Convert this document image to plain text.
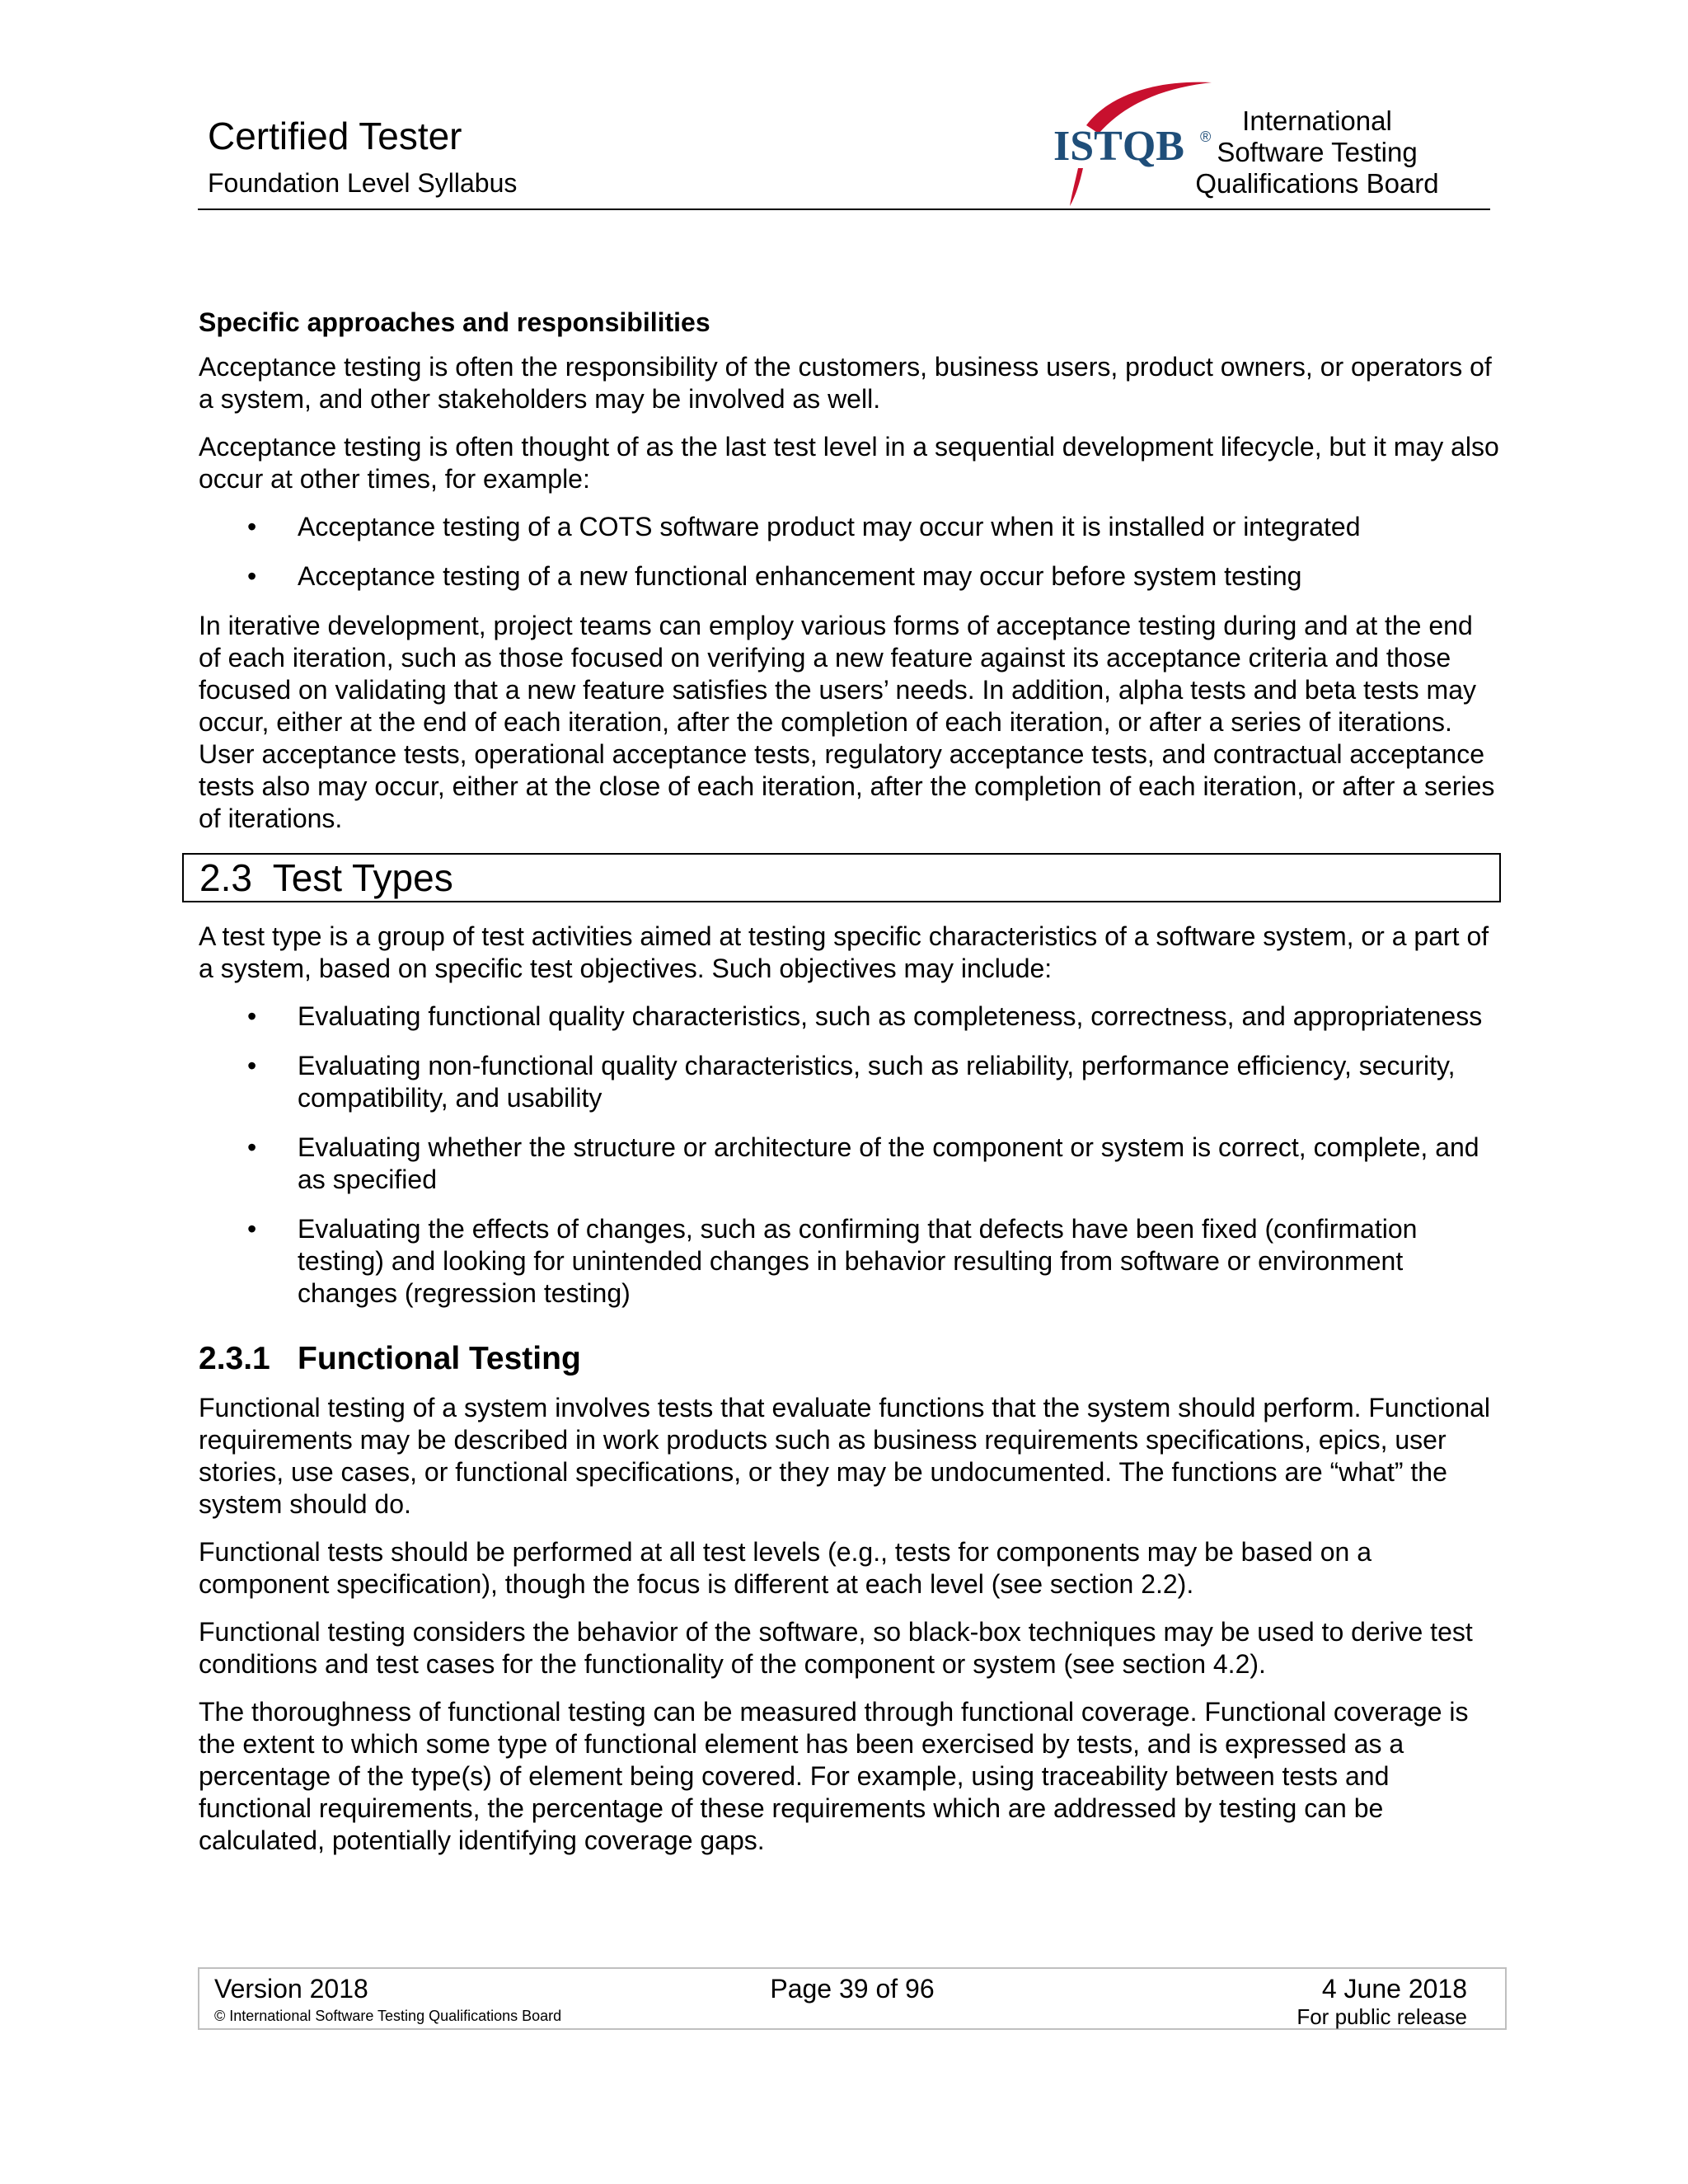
Certified Tester
Foundation Level Syllabus
ISTQB ®
International
Software Testing
Qualifications Board
Specific approaches and responsibilities

Acceptance testing is often the responsibility of the customers, business users, product owners, or operators of a system, and other stakeholders may be involved as well.

Acceptance testing is often thought of as the last test level in a sequential development lifecycle, but it may also occur at other times, for example:

• Acceptance testing of a COTS software product may occur when it is installed or integrated
• Acceptance testing of a new functional enhancement may occur before system testing

In iterative development, project teams can employ various forms of acceptance testing during and at the end of each iteration, such as those focused on verifying a new feature against its acceptance criteria and those focused on validating that a new feature satisfies the users’ needs. In addition, alpha tests and beta tests may occur, either at the end of each iteration, after the completion of each iteration, or after a series of iterations. User acceptance tests, operational acceptance tests, regulatory acceptance tests, and contractual acceptance tests also may occur, either at the close of each iteration, after the completion of each iteration, or after a series of iterations.

2.3 Test Types

A test type is a group of test activities aimed at testing specific characteristics of a software system, or a part of a system, based on specific test objectives. Such objectives may include:

• Evaluating functional quality characteristics, such as completeness, correctness, and appropriateness
• Evaluating non-functional quality characteristics, such as reliability, performance efficiency, security, compatibility, and usability
• Evaluating whether the structure or architecture of the component or system is correct, complete, and as specified
• Evaluating the effects of changes, such as confirming that defects have been fixed (confirmation testing) and looking for unintended changes in behavior resulting from software or environment changes (regression testing)
2.3.1 Functional Testing

Functional testing of a system involves tests that evaluate functions that the system should perform. Functional requirements may be described in work products such as business requirements specifications, epics, user stories, use cases, or functional specifications, or they may be undocumented. The functions are “what” the system should do.

Functional tests should be performed at all test levels (e.g., tests for components may be based on a component specification), though the focus is different at each level (see section 2.2).

Functional testing considers the behavior of the software, so black-box techniques may be used to derive test conditions and test cases for the functionality of the component or system (see section 4.2).

The thoroughness of functional testing can be measured through functional coverage. Functional coverage is the extent to which some type of functional element has been exercised by tests, and is expressed as a percentage of the type(s) of element being covered. For example, using traceability between tests and functional requirements, the percentage of these requirements which are addressed by testing can be calculated, potentially identifying coverage gaps.

Version 2018	Page 39 of 96	4 June 2018
© International Software Testing Qualifications Board	For public release
